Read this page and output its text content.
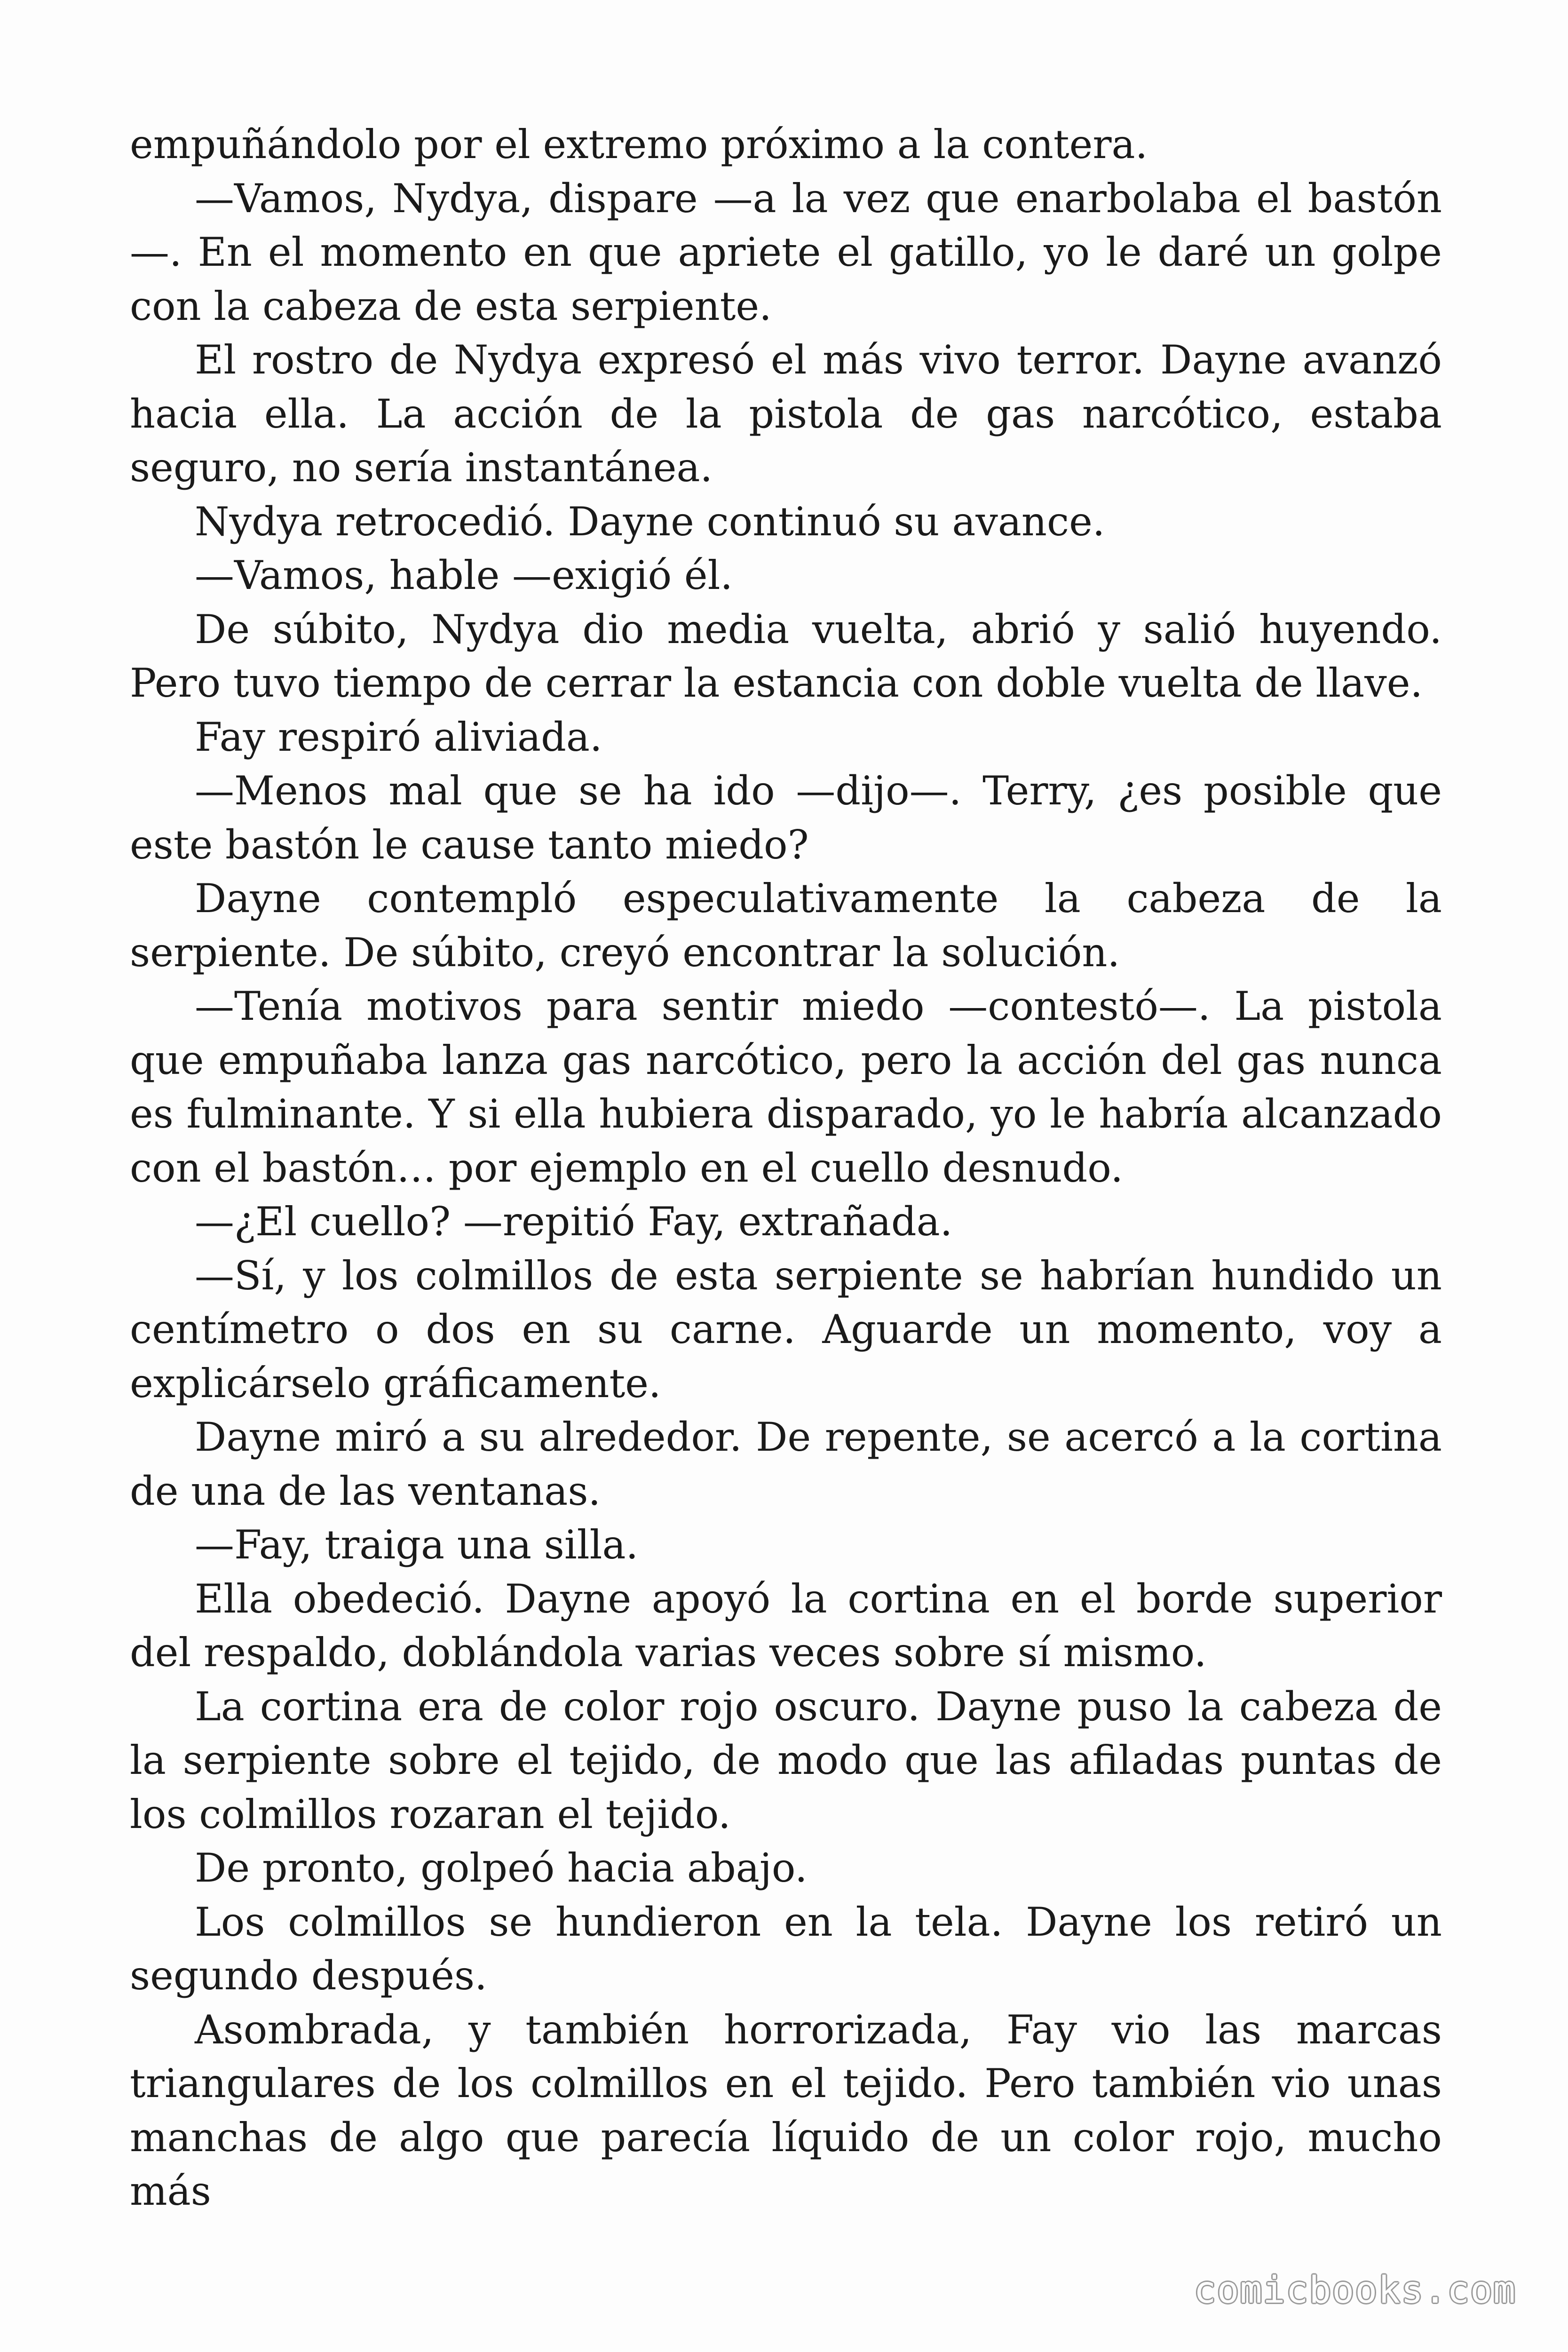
empuñándolo por el extremo próximo a la contera.

—Vamos, Nydya, dispare —a la vez que enarbolaba el bastón—. En el momento en que apriete el gatillo, yo le daré un golpe con la cabeza de esta serpiente.

El rostro de Nydya expresó el más vivo terror. Dayne avanzó hacia ella. La acción de la pistola de gas narcótico, estaba seguro, no sería instantánea.

Nydya retrocedió. Dayne continuó su avance.

—Vamos, hable —exigió él.

De súbito, Nydya dio media vuelta, abrió y salió huyendo. Pero tuvo tiempo de cerrar la estancia con doble vuelta de llave.

Fay respiró aliviada.

—Menos mal que se ha ido —dijo—. Terry, ¿es posible que este bastón le cause tanto miedo?

Dayne contempló especulativamente la cabeza de la serpiente. De súbito, creyó encontrar la solución.

—Tenía motivos para sentir miedo —contestó—. La pistola que empuñaba lanza gas narcótico, pero la acción del gas nunca es fulminante. Y si ella hubiera disparado, yo le habría alcanzado con el bastón… por ejemplo en el cuello desnudo.

—¿El cuello? —repitió Fay, extrañada.

—Sí, y los colmillos de esta serpiente se habrían hundido un centímetro o dos en su carne. Aguarde un momento, voy a explicárselo gráficamente.

Dayne miró a su alrededor. De repente, se acercó a la cortina de una de las ventanas.

—Fay, traiga una silla.

Ella obedeció. Dayne apoyó la cortina en el borde superior del respaldo, doblándola varias veces sobre sí mismo.

La cortina era de color rojo oscuro. Dayne puso la cabeza de la serpiente sobre el tejido, de modo que las afiladas puntas de los colmillos rozaran el tejido.

De pronto, golpeó hacia abajo.

Los colmillos se hundieron en la tela. Dayne los retiró un segundo después.

Asombrada, y también horrorizada, Fay vio las marcas triangulares de los colmillos en el tejido. Pero también vio unas manchas de algo que parecía líquido de un color rojo, mucho más

comicbooks.com
